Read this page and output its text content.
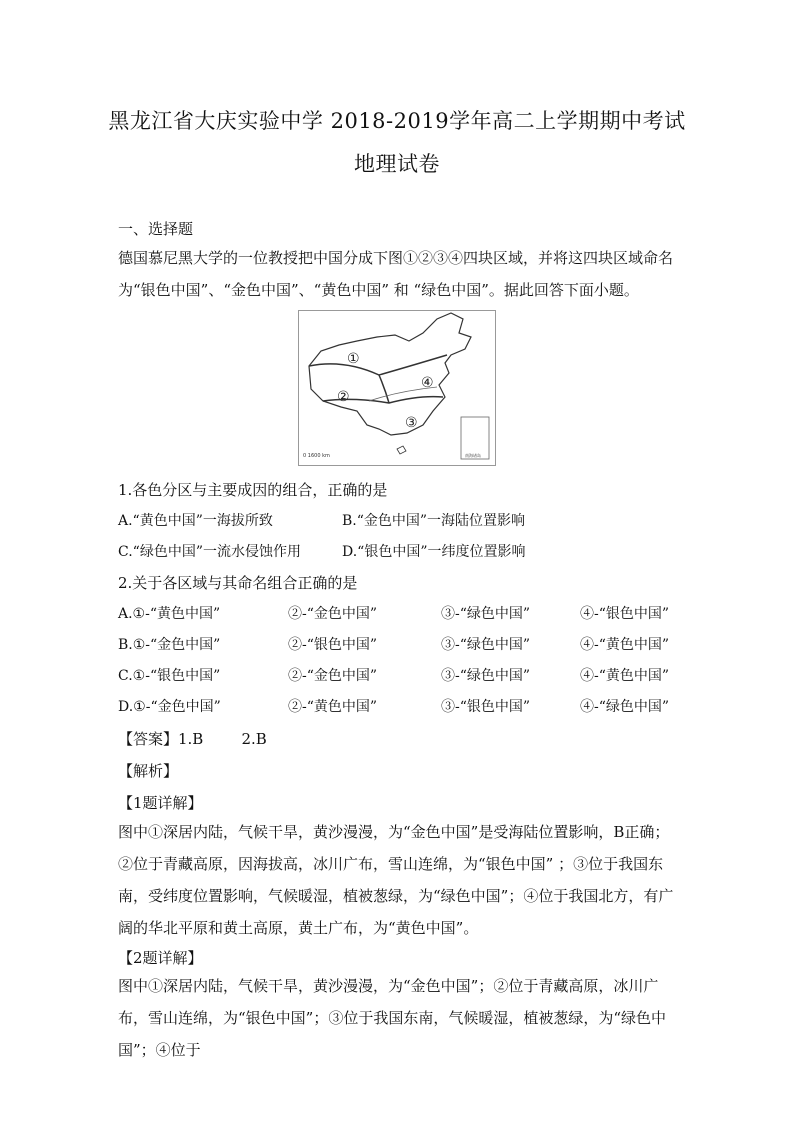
黑龙江省大庆实验中学 2018-2019学年高二上学期期中考试
地理试卷
一、选择题
德国慕尼黑大学的一位教授把中国分成下图①②③④四块区域，并将这四块区域命名为“银色中国”、“金色中国”、“黄色中国” 和 “绿色中国”。据此回答下面小题。
①
②
③
④
0 1600 km	南海诸岛
1.各色分区与主要成因的组合，正确的是
A.“黄色中国”一海拔所致	B.“金色中国”一海陆位置影响
C.“绿色中国”一流水侵蚀作用	D.“银色中国”一纬度位置影响
2.关于各区域与其命名组合正确的是
A.①-“黄色中国”	②-“金色中国”	③-“绿色中国”	④-“银色中国”
B.①-“金色中国”	②-“银色中国”	③-“绿色中国”	④-“黄色中国”
C.①-“银色中国”	②-“金色中国”	③-“绿色中国”	④-“黄色中国”
D.①-“金色中国”	②-“黄色中国”	③-“银色中国”	④-“绿色中国”
【答案】1.B        2.B
【解析】
【1题详解】
图中①深居内陆，气候干旱，黄沙漫漫，为“金色中国”是受海陆位置影响，B正确；②位于青藏高原，因海拔高，冰川广布，雪山连绵，为“银色中国” ；③位于我国东南，受纬度位置影响，气候暖湿，植被葱绿，为“绿色中国”；④位于我国北方，有广阔的华北平原和黄土高原，黄土广布，为“黄色中国”。
【2题详解】
图中①深居内陆，气候干旱，黄沙漫漫，为“金色中国”；②位于青藏高原，冰川广布，雪山连绵，为“银色中国”；③位于我国东南，气候暖湿，植被葱绿，为“绿色中国”；④位于
